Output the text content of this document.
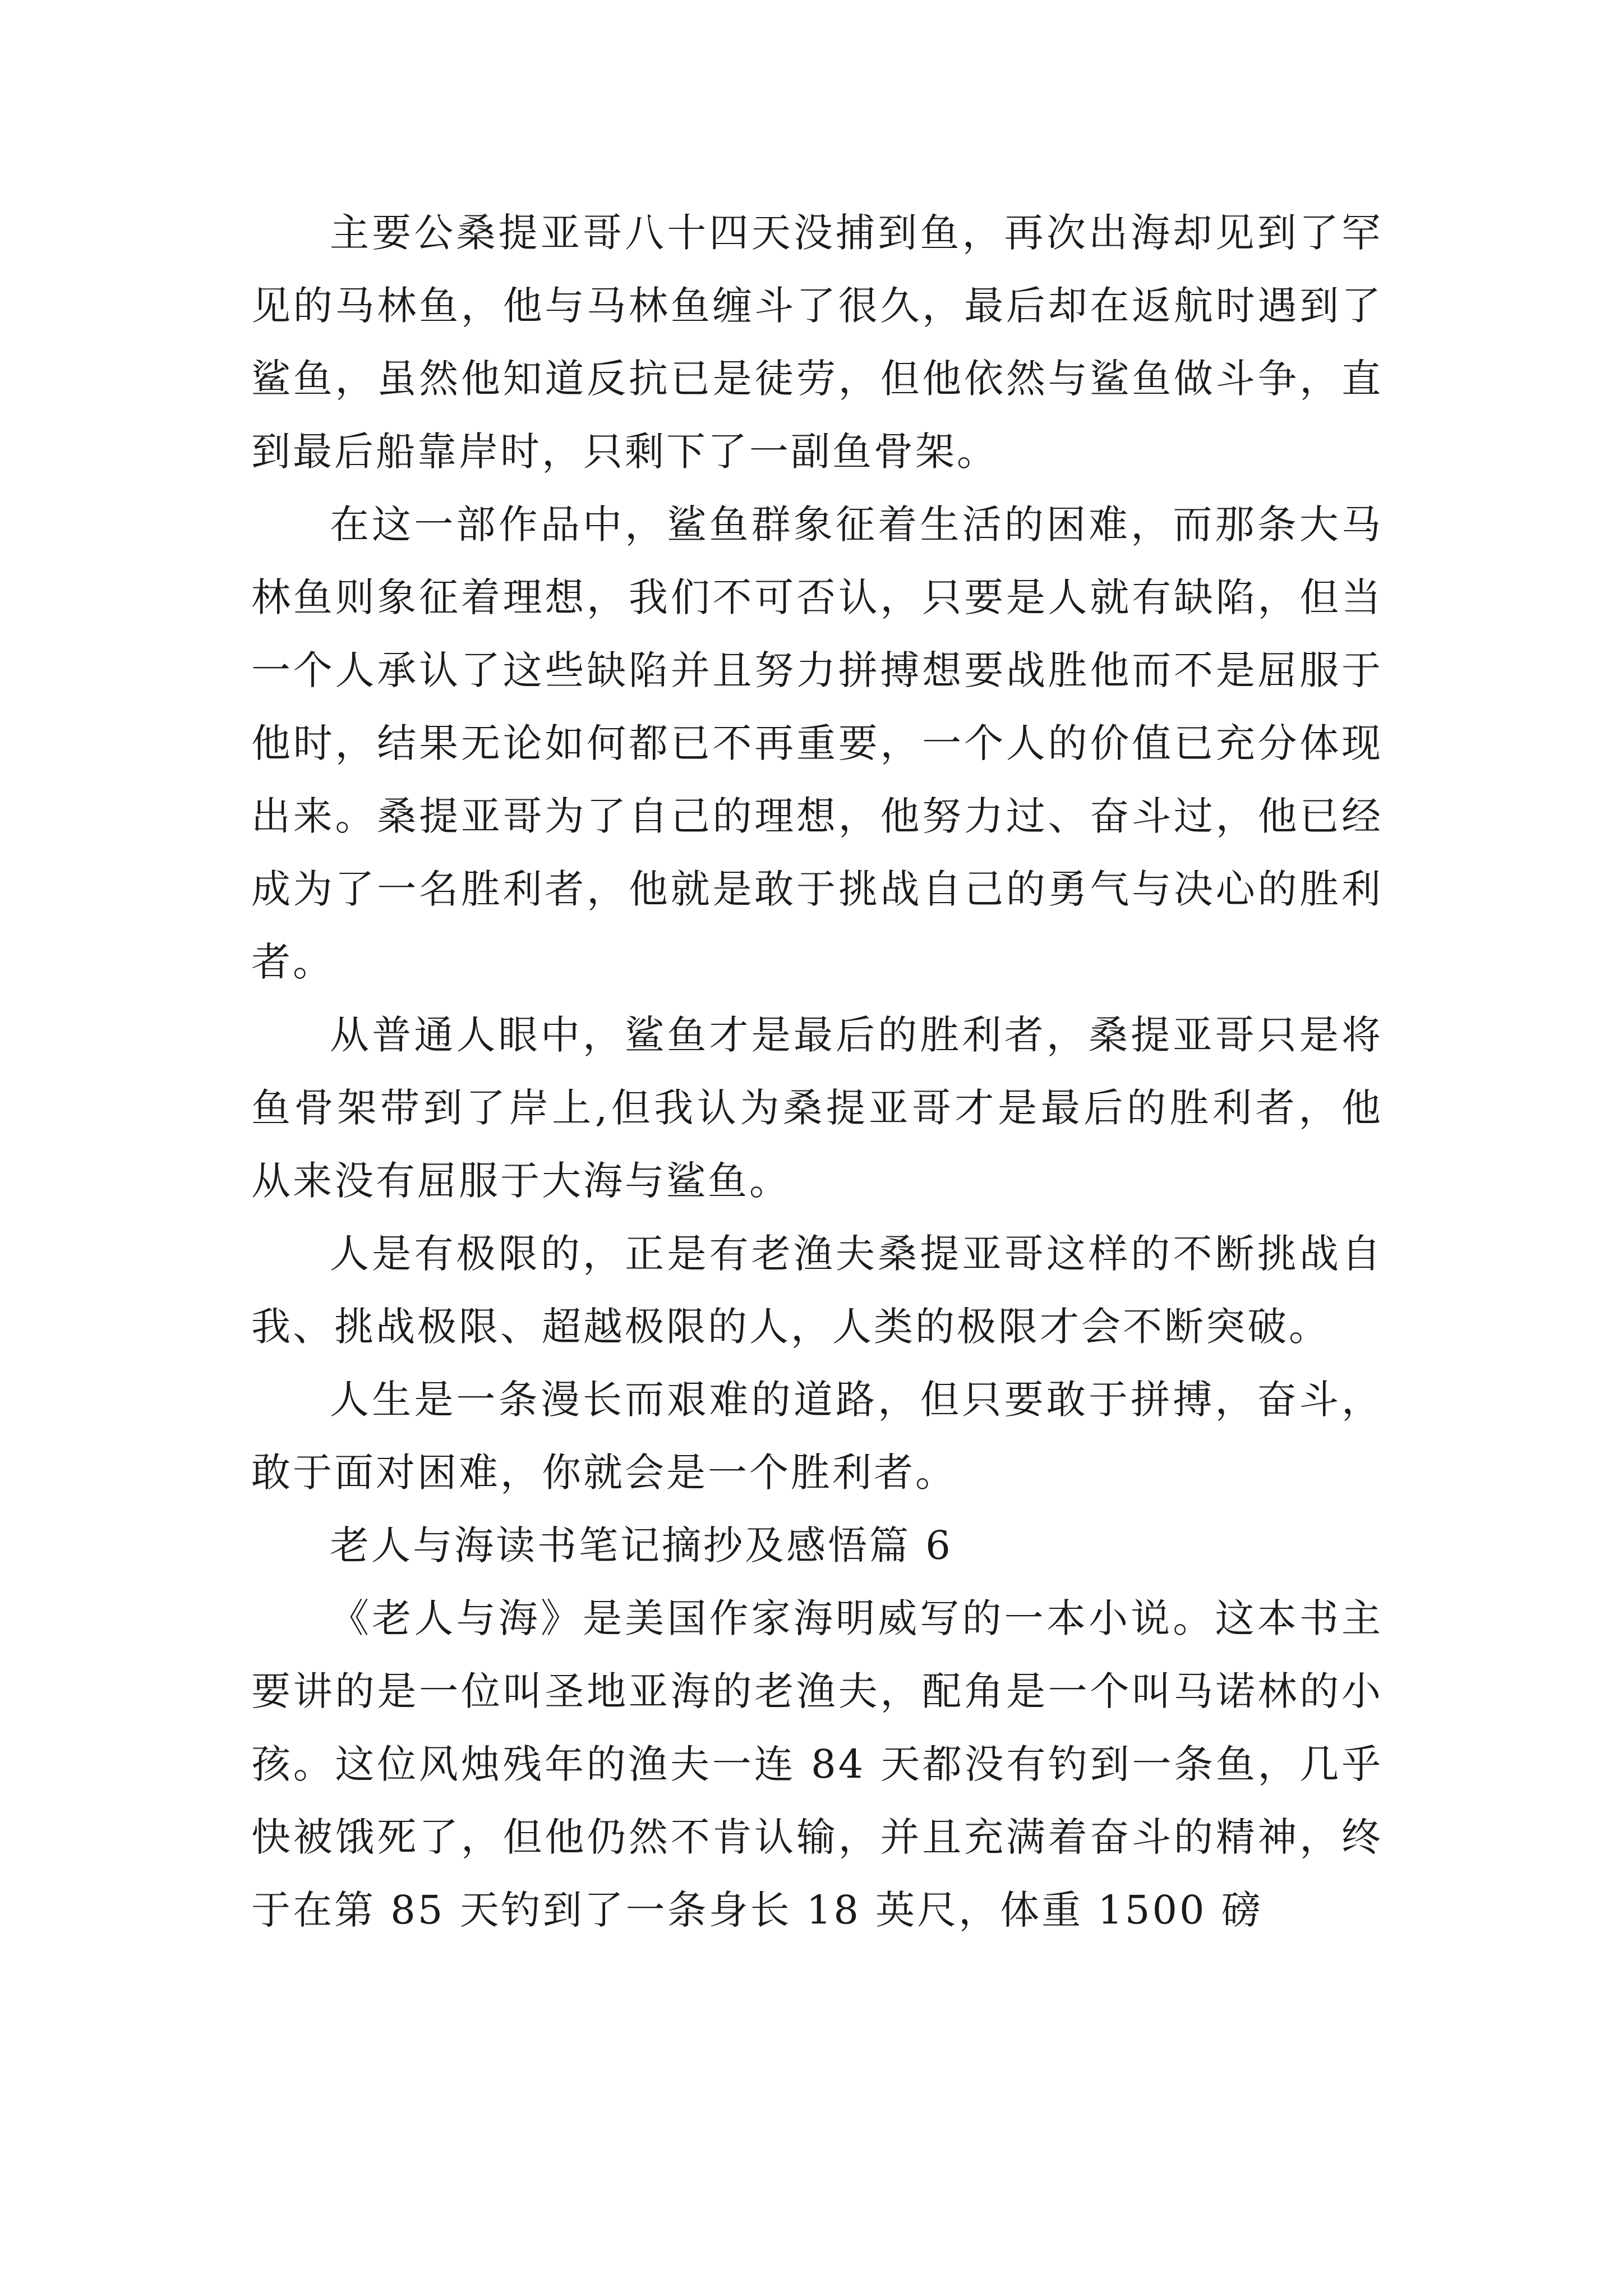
主要公桑提亚哥八十四天没捕到鱼，再次出海却见到了罕见的马林鱼，他与马林鱼缠斗了很久，最后却在返航时遇到了鲨鱼，虽然他知道反抗已是徒劳，但他依然与鲨鱼做斗争，直到最后船靠岸时，只剩下了一副鱼骨架。

在这一部作品中，鲨鱼群象征着生活的困难，而那条大马林鱼则象征着理想，我们不可否认，只要是人就有缺陷，但当一个人承认了这些缺陷并且努力拼搏想要战胜他而不是屈服于他时，结果无论如何都已不再重要，一个人的价值已充分体现出来。桑提亚哥为了自己的理想，他努力过、奋斗过，他已经成为了一名胜利者，他就是敢于挑战自己的勇气与决心的胜利者。

从普通人眼中，鲨鱼才是最后的胜利者，桑提亚哥只是将鱼骨架带到了岸上,但我认为桑提亚哥才是最后的胜利者，他从来没有屈服于大海与鲨鱼。

人是有极限的，正是有老渔夫桑提亚哥这样的不断挑战自我、挑战极限、超越极限的人，人类的极限才会不断突破。

人生是一条漫长而艰难的道路，但只要敢于拼搏，奋斗，敢于面对困难，你就会是一个胜利者。

老人与海读书笔记摘抄及感悟篇 6

《老人与海》是美国作家海明威写的一本小说。这本书主要讲的是一位叫圣地亚海的老渔夫，配角是一个叫马诺林的小孩。这位风烛残年的渔夫一连 84 天都没有钓到一条鱼，几乎快被饿死了，但他仍然不肯认输，并且充满着奋斗的精神，终于在第 85 天钓到了一条身长 18 英尺，体重 1500 磅
